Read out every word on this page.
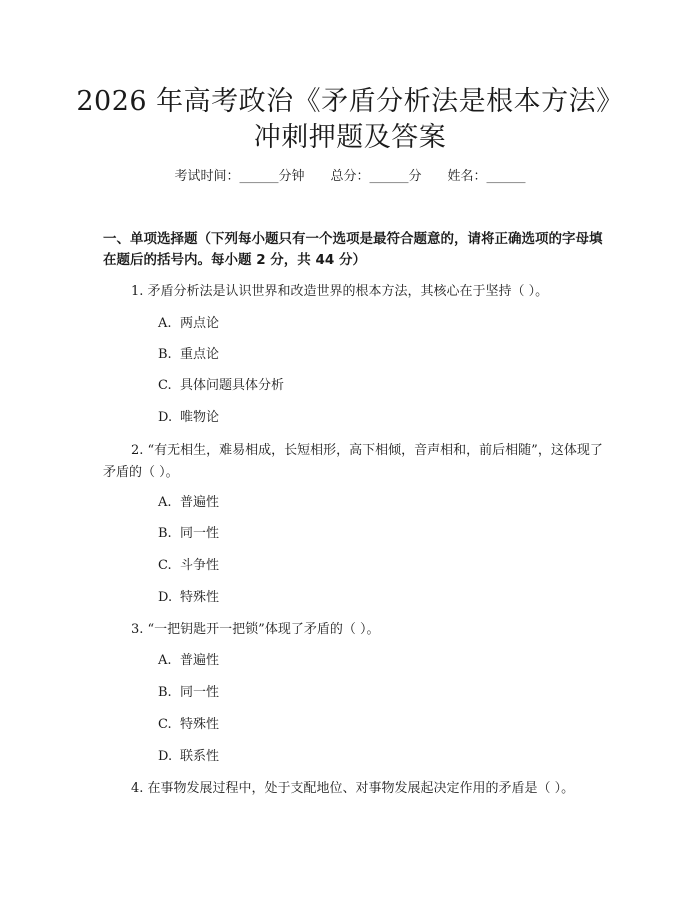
2026 年高考政治《矛盾分析法是根本方法》
冲刺押题及答案
考试时间：______分钟 总分：______分 姓名：______
一、单项选择题（下列每小题只有一个选项是最符合题意的，请将正确选项的字母填在题后的括号内。每小题 2 分，共 44 分）
1. 矛盾分析法是认识世界和改造世界的根本方法，其核心在于坚持（ ）。
A. 两点论
B. 重点论
C. 具体问题具体分析
D. 唯物论
2. “有无相生，难易相成，长短相形，高下相倾，音声相和，前后相随”，这体现了矛盾的（ ）。
A. 普遍性
B. 同一性
C. 斗争性
D. 特殊性
3. “一把钥匙开一把锁”体现了矛盾的（ ）。
A. 普遍性
B. 同一性
C. 特殊性
D. 联系性
4. 在事物发展过程中，处于支配地位、对事物发展起决定作用的矛盾是（ ）。
